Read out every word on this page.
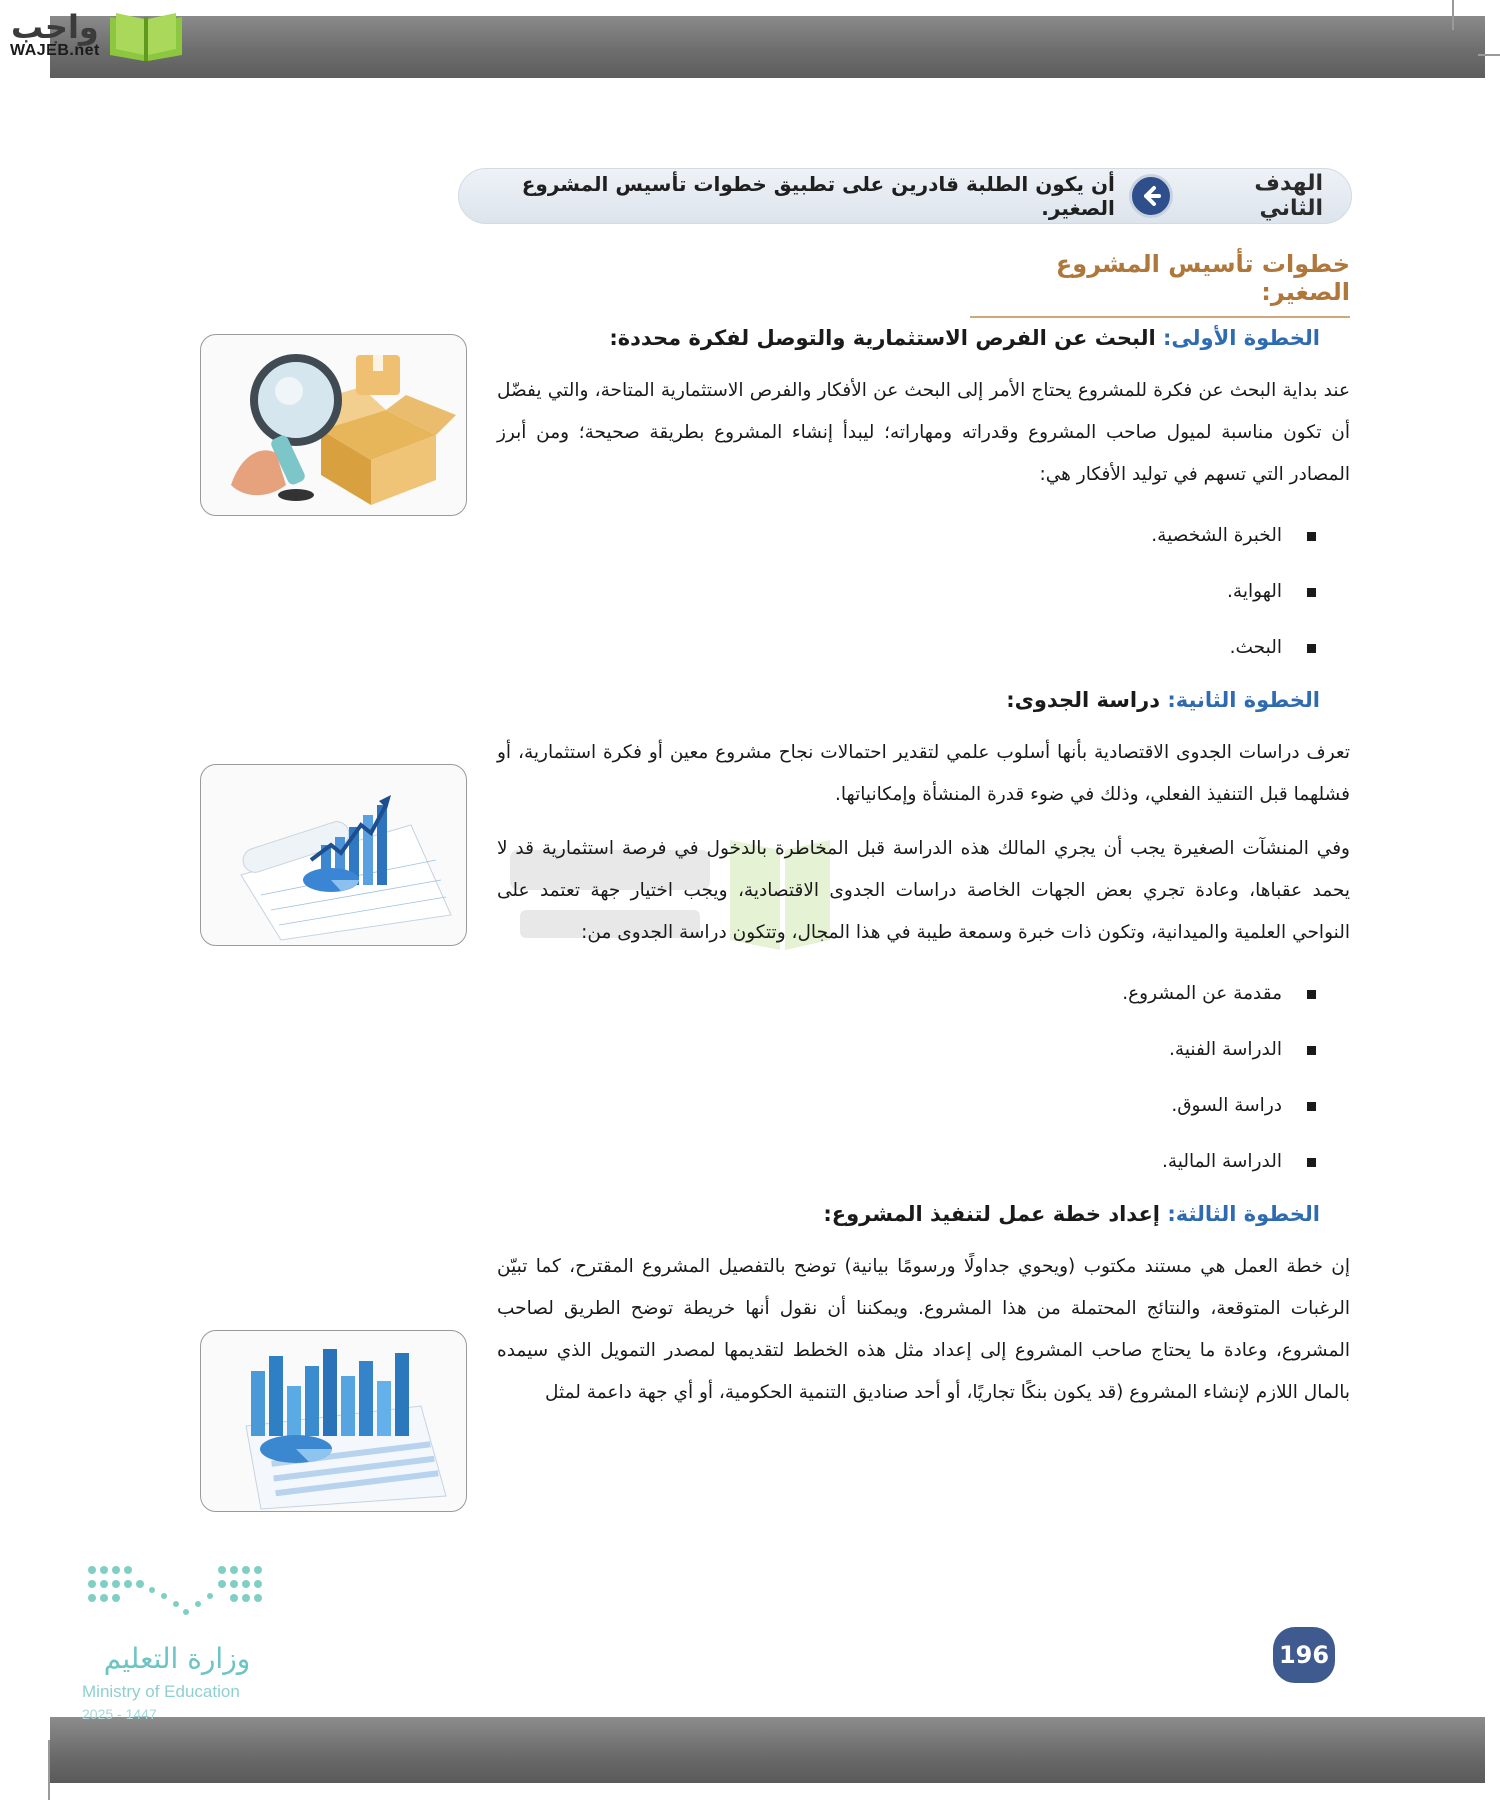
واجب
WAJEB.net
الهدف الثاني
أن يكون الطلبة قادرين على تطبيق خطوات تأسيس المشروع الصغير.
خطوات تأسيس المشروع الصغير:
الخطوة الأولى: البحث عن الفرص الاستثمارية والتوصل لفكرة محددة:

عند بداية البحث عن فكرة للمشروع يحتاج الأمر إلى البحث عن الأفكار والفرص الاستثمارية المتاحة، والتي يفضّل أن تكون مناسبة لميول صاحب المشروع وقدراته ومهاراته؛ ليبدأ إنشاء المشروع بطريقة صحيحة؛ ومن أبرز المصادر التي تسهم في توليد الأفكار هي:

الخبرة الشخصية.
الهواية.
البحث.
الخطوة الثانية: دراسة الجدوى:

تعرف دراسات الجدوى الاقتصادية بأنها أسلوب علمي لتقدير احتمالات نجاح مشروع معين أو فكرة استثمارية، أو فشلهما قبل التنفيذ الفعلي، وذلك في ضوء قدرة المنشأة وإمكانياتها.

وفي المنشآت الصغيرة يجب أن يجري المالك هذه الدراسة قبل المخاطرة بالدخول في فرصة استثمارية قد لا يحمد عقباها، وعادة تجري بعض الجهات الخاصة دراسات الجدوى الاقتصادية، ويجب اختيار جهة تعتمد على النواحي العلمية والميدانية، وتكون ذات خبرة وسمعة طيبة في هذا المجال، وتتكون دراسة الجدوى من:

مقدمة عن المشروع.
الدراسة الفنية.
دراسة السوق.
الدراسة المالية.
الخطوة الثالثة: إعداد خطة عمل لتنفيذ المشروع:

إن خطة العمل هي مستند مكتوب (ويحوي جداولًا ورسومًا بيانية) توضح بالتفصيل المشروع المقترح، كما تبيّن الرغبات المتوقعة، والنتائج المحتملة من هذا المشروع. ويمكننا أن نقول أنها خريطة توضح الطريق لصاحب المشروع، وعادة ما يحتاج صاحب المشروع إلى إعداد مثل هذه الخطط لتقديمها لمصدر التمويل الذي سيمده بالمال اللازم لإنشاء المشروع (قد يكون بنكًا تجاريًا، أو أحد صناديق التنمية الحكومية، أو أي جهة داعمة لمثل

196
وزارة التعليم
Ministry of Education
2025 - 1447
